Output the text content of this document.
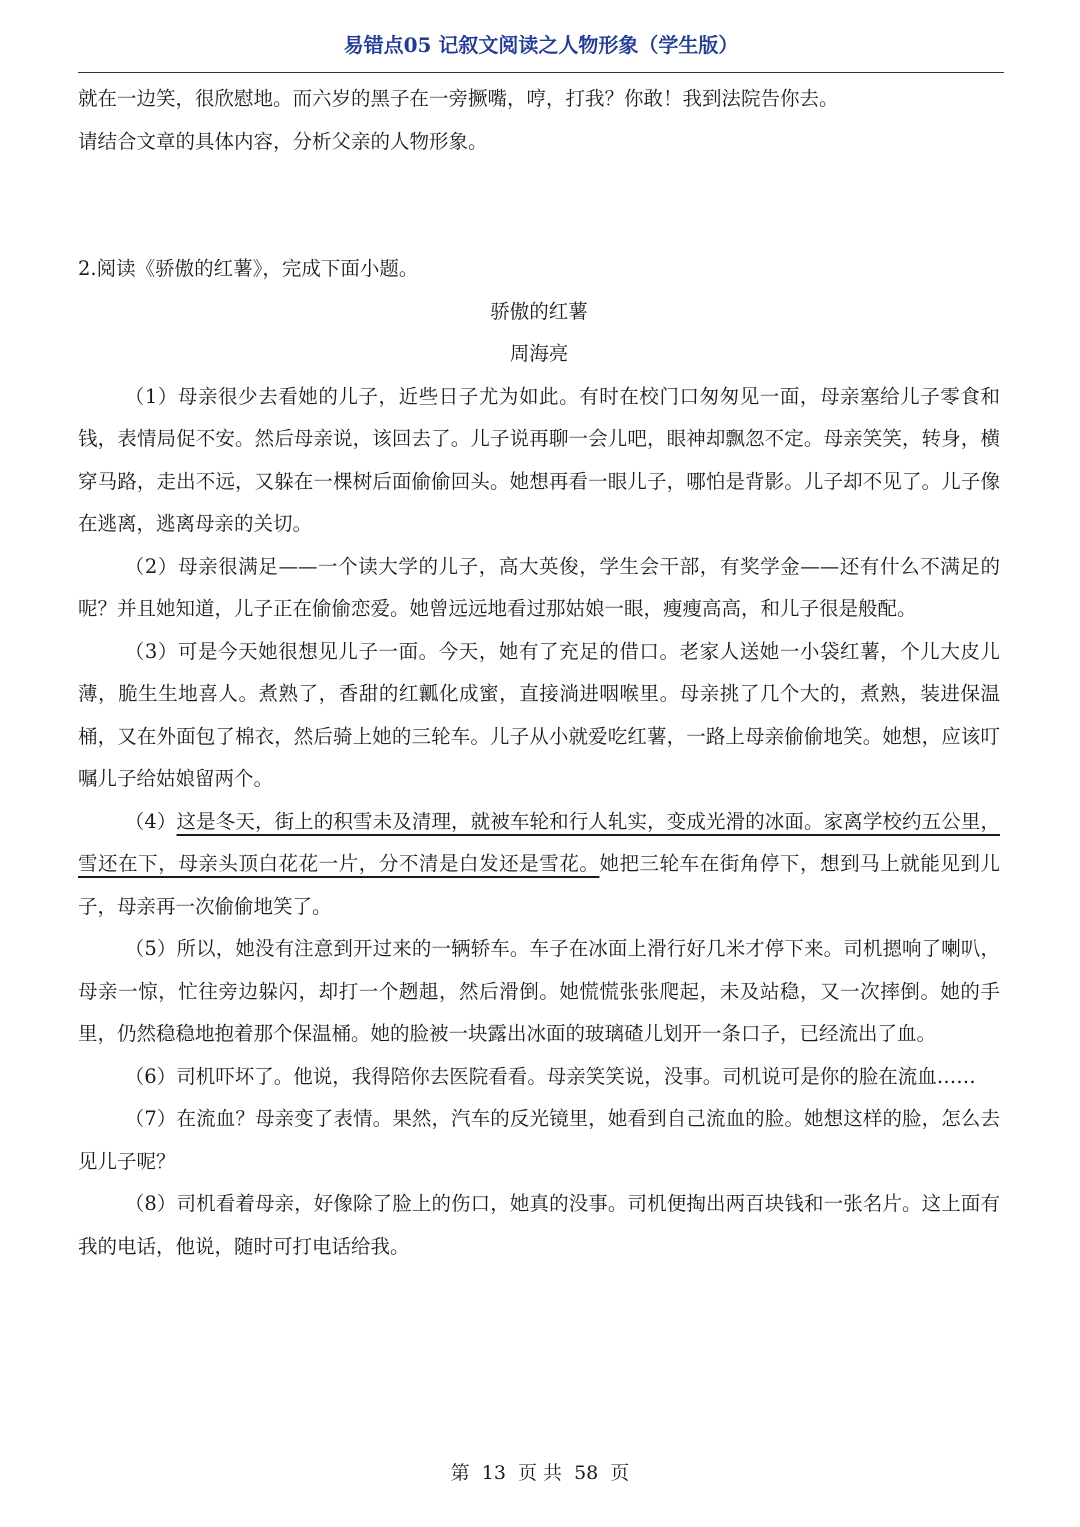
易错点05 记叙文阅读之人物形象（学生版）
就在一边笑，很欣慰地。而六岁的黑子在一旁撅嘴，哼，打我？你敢！我到法院告你去。
请结合文章的具体内容，分析父亲的人物形象。
2.阅读《骄傲的红薯》，完成下面小题。
骄傲的红薯
周海亮

（1）母亲很少去看她的儿子，近些日子尤为如此。有时在校门口匆匆见一面，母亲塞给儿子零食和钱，表情局促不安。然后母亲说，该回去了。儿子说再聊一会儿吧，眼神却飘忽不定。母亲笑笑，转身，横穿马路，走出不远，又躲在一棵树后面偷偷回头。她想再看一眼儿子，哪怕是背影。儿子却不见了。儿子像在逃离，逃离母亲的关切。

（2）母亲很满足——一个读大学的儿子，高大英俊，学生会干部，有奖学金——还有什么不满足的呢？并且她知道，儿子正在偷偷恋爱。她曾远远地看过那姑娘一眼，瘦瘦高高，和儿子很是般配。

（3）可是今天她很想见儿子一面。今天，她有了充足的借口。老家人送她一小袋红薯，个儿大皮儿薄，脆生生地喜人。煮熟了，香甜的红瓤化成蜜，直接淌进咽喉里。母亲挑了几个大的，煮熟，装进保温桶，又在外面包了棉衣，然后骑上她的三轮车。儿子从小就爱吃红薯，一路上母亲偷偷地笑。她想，应该叮嘱儿子给姑娘留两个。

（4）这是冬天，街上的积雪未及清理，就被车轮和行人轧实，变成光滑的冰面。家离学校约五公里，雪还在下，母亲头顶白花花一片，分不清是白发还是雪花。她把三轮车在街角停下，想到马上就能见到儿子，母亲再一次偷偷地笑了。

（5）所以，她没有注意到开过来的一辆轿车。车子在冰面上滑行好几米才停下来。司机摁响了喇叭，母亲一惊，忙往旁边躲闪，却打一个趔趄，然后滑倒。她慌慌张张爬起，未及站稳，又一次摔倒。她的手里，仍然稳稳地抱着那个保温桶。她的脸被一块露出冰面的玻璃碴儿划开一条口子，已经流出了血。

（6）司机吓坏了。他说，我得陪你去医院看看。母亲笑笑说，没事。司机说可是你的脸在流血……

（7）在流血？母亲变了表情。果然，汽车的反光镜里，她看到自己流血的脸。她想这样的脸，怎么去见儿子呢？

（8）司机看着母亲，好像除了脸上的伤口，她真的没事。司机便掏出两百块钱和一张名片。这上面有我的电话，他说，随时可打电话给我。

第 13 页 共 58 页
